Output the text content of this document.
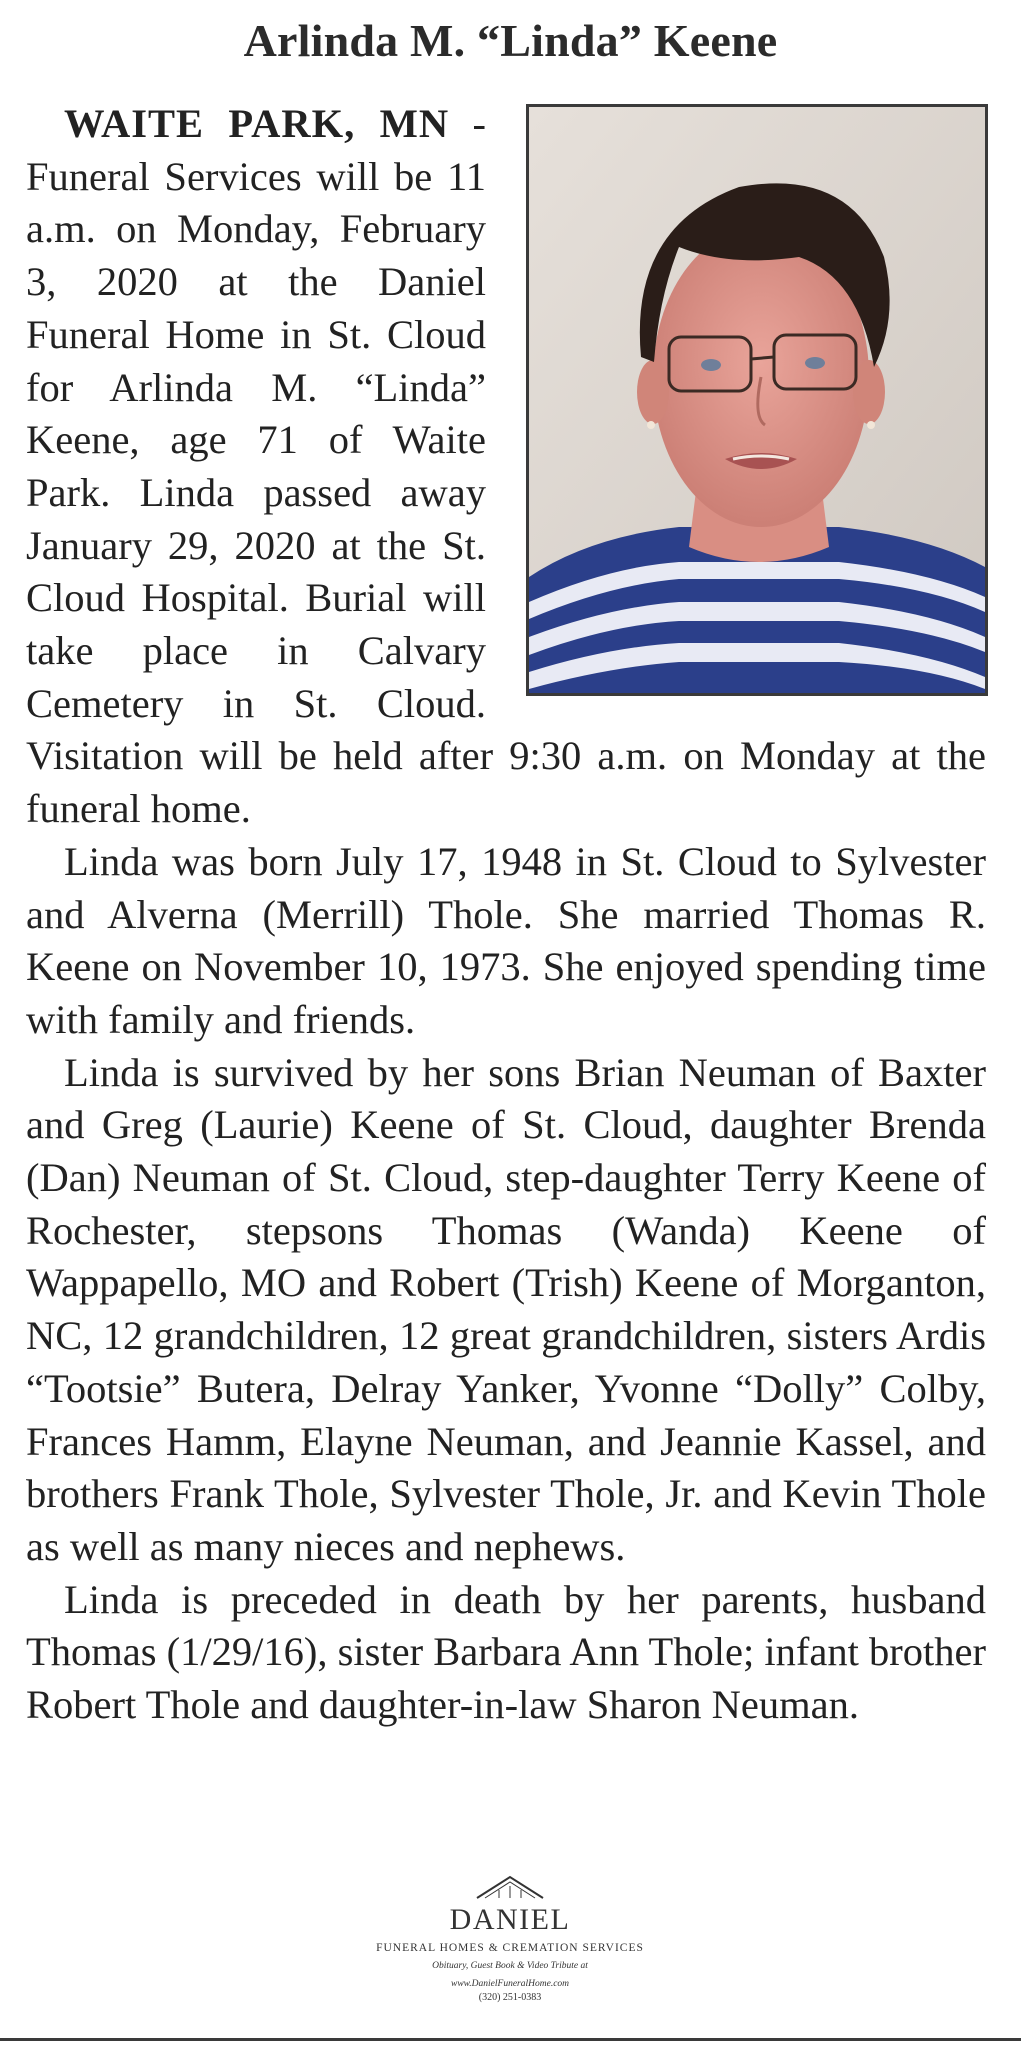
Arlinda M. “Linda” Keene

WAITE PARK, MN - Funeral Services will be 11 a.m. on Monday, February 3, 2020 at the Daniel Funeral Home in St. Cloud for Arlinda M. “Linda” Keene, age 71 of Waite Park. Linda passed away January 29, 2020 at the St. Cloud Hospital. Burial will take place in Calvary Cemetery in St. Cloud. Visitation will be held after 9:30 a.m. on Monday at the funeral home.

Linda was born July 17, 1948 in St. Cloud to Sylvester and Alverna (Merrill) Thole. She married Thomas R. Keene on November 10, 1973. She enjoyed spending time with family and friends.

Linda is survived by her sons Brian Neuman of Baxter and Greg (Laurie) Keene of St. Cloud, daughter Brenda (Dan) Neuman of St. Cloud, step-daughter Terry Keene of Rochester, stepsons Thomas (Wanda) Keene of Wappapello, MO and Robert (Trish) Keene of Morganton, NC, 12 grandchildren, 12 great grandchildren, sisters Ardis “Tootsie” Butera, Delray Yanker, Yvonne “Dolly” Colby, Frances Hamm, Elayne Neuman, and Jeannie Kassel, and brothers Frank Thole, Sylvester Thole, Jr. and Kevin Thole as well as many nieces and nephews.

Linda is preceded in death by her parents, husband Thomas (1/29/16), sister Barbara Ann Thole; infant brother Robert Thole and daughter-in-law Sharon Neuman.

DANIEL
FUNERAL HOMES & CREMATION SERVICES
Obituary, Guest Book & Video Tribute at
www.DanielFuneralHome.com
(320) 251-0383
